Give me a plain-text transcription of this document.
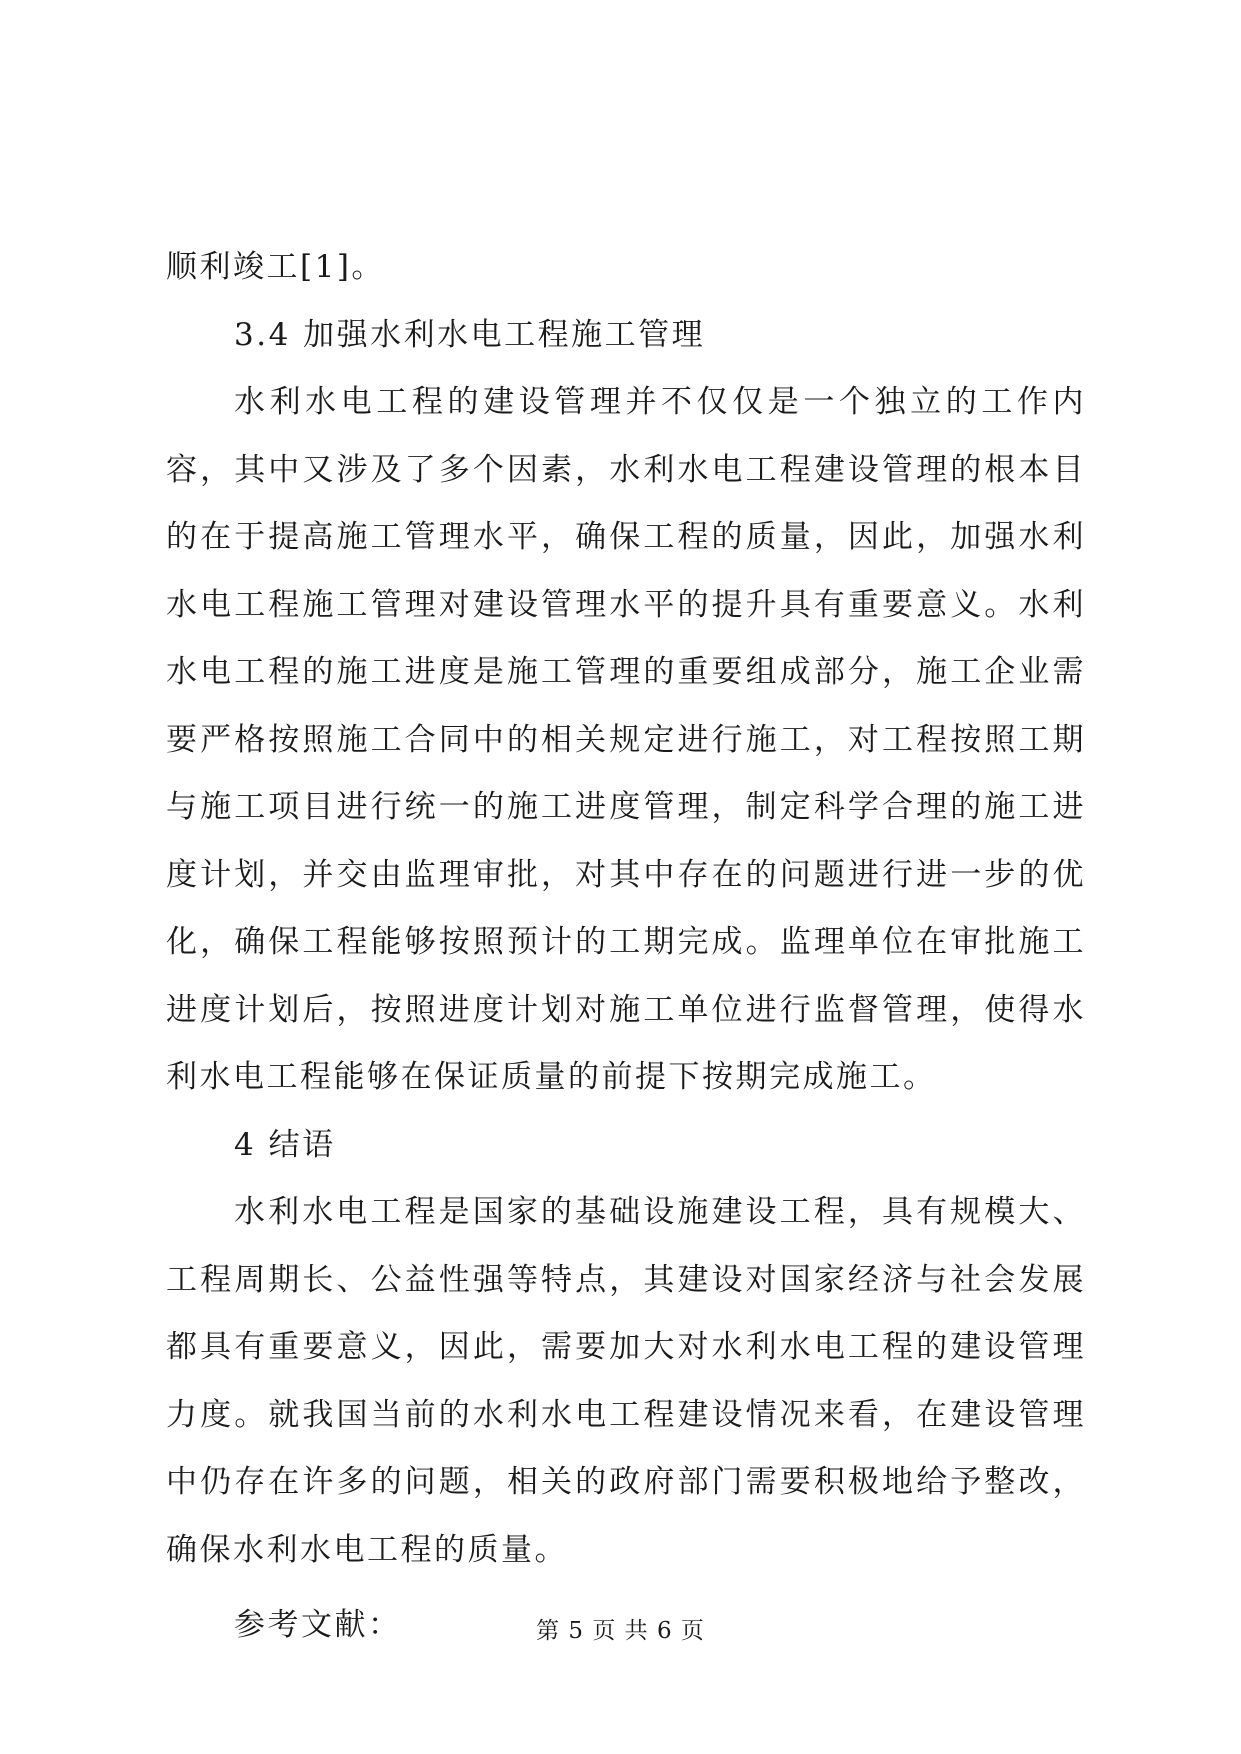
顺利竣工[1]。

3.4 加强水利水电工程施工管理

水利水电工程的建设管理并不仅仅是一个独立的工作内容，其中又涉及了多个因素，水利水电工程建设管理的根本目的在于提高施工管理水平，确保工程的质量，因此，加强水利水电工程施工管理对建设管理水平的提升具有重要意义。水利水电工程的施工进度是施工管理的重要组成部分，施工企业需要严格按照施工合同中的相关规定进行施工，对工程按照工期与施工项目进行统一的施工进度管理，制定科学合理的施工进度计划，并交由监理审批，对其中存在的问题进行进一步的优化，确保工程能够按照预计的工期完成。监理单位在审批施工进度计划后，按照进度计划对施工单位进行监督管理，使得水利水电工程能够在保证质量的前提下按期完成施工。

4 结语

水利水电工程是国家的基础设施建设工程，具有规模大、工程周期长、公益性强等特点，其建设对国家经济与社会发展都具有重要意义，因此，需要加大对水利水电工程的建设管理力度。就我国当前的水利水电工程建设情况来看，在建设管理中仍存在许多的问题，相关的政府部门需要积极地给予整改，确保水利水电工程的质量。

参考文献：	第 5 页 共 6 页
